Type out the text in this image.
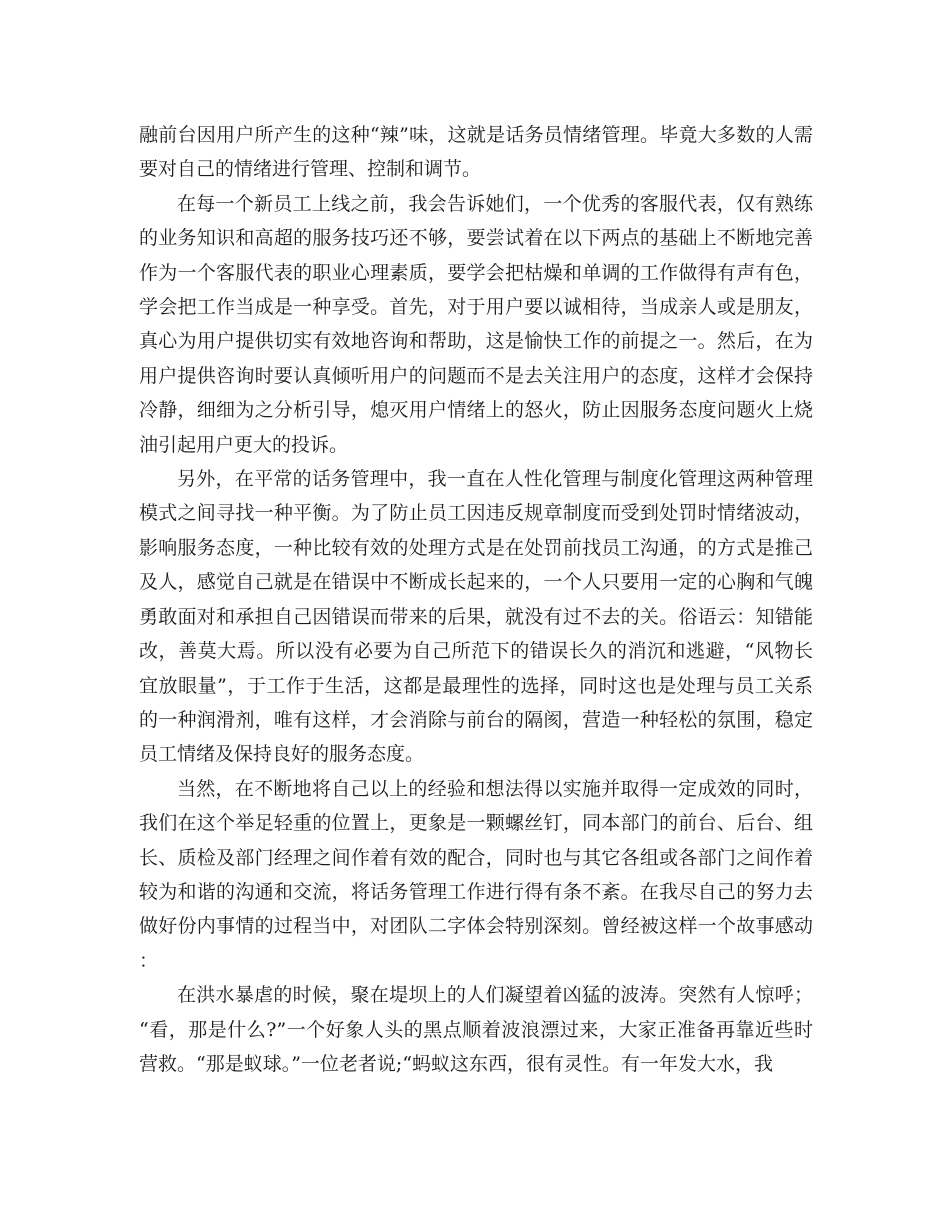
融前台因用户所产生的这种“辣”味，这就是话务员情绪管理。毕竟大多数的人需要对自己的情绪进行管理、控制和调节。

在每一个新员工上线之前，我会告诉她们，一个优秀的客服代表，仅有熟练的业务知识和高超的服务技巧还不够，要尝试着在以下两点的基础上不断地完善作为一个客服代表的职业心理素质，要学会把枯燥和单调的工作做得有声有色，学会把工作当成是一种享受。首先，对于用户要以诚相待，当成亲人或是朋友，真心为用户提供切实有效地咨询和帮助，这是愉快工作的前提之一。然后，在为用户提供咨询时要认真倾听用户的问题而不是去关注用户的态度，这样才会保持冷静，细细为之分析引导，熄灭用户情绪上的怒火，防止因服务态度问题火上烧油引起用户更大的投诉。

另外，在平常的话务管理中，我一直在人性化管理与制度化管理这两种管理模式之间寻找一种平衡。为了防止员工因违反规章制度而受到处罚时情绪波动，影响服务态度，一种比较有效的处理方式是在处罚前找员工沟通，的方式是推己及人，感觉自己就是在错误中不断成长起来的，一个人只要用一定的心胸和气魄勇敢面对和承担自己因错误而带来的后果，就没有过不去的关。俗语云：知错能改，善莫大焉。所以没有必要为自己所范下的错误长久的消沉和逃避，“风物长宜放眼量”，于工作于生活，这都是最理性的选择，同时这也是处理与员工关系的一种润滑剂，唯有这样，才会消除与前台的隔阂，营造一种轻松的氛围，稳定员工情绪及保持良好的服务态度。

当然，在不断地将自己以上的经验和想法得以实施并取得一定成效的同时，我们在这个举足轻重的位置上，更象是一颗螺丝钉，同本部门的前台、后台、组长、质检及部门经理之间作着有效的配合，同时也与其它各组或各部门之间作着较为和谐的沟通和交流，将话务管理工作进行得有条不紊。在我尽自己的努力去做好份内事情的过程当中，对团队二字体会特别深刻。曾经被这样一个故事感动：

在洪水暴虐的时候，聚在堤坝上的人们凝望着凶猛的波涛。突然有人惊呼；“看，那是什么?”一个好象人头的黑点顺着波浪漂过来，大家正准备再靠近些时营救。“那是蚁球。”一位老者说;“蚂蚁这东西，很有灵性。有一年发大水，我
